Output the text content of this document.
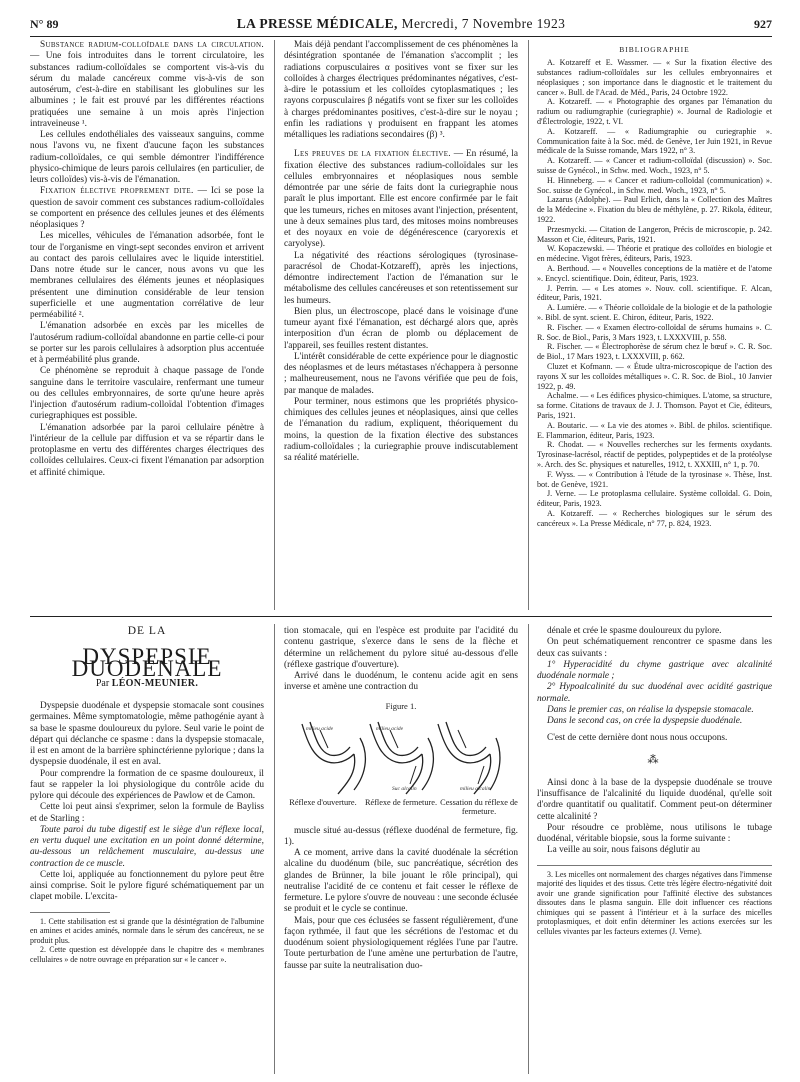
N° 89	LA PRESSE MÉDICALE, Mercredi, 7 Novembre 1923	927

Substance radium-colloïdale dans la circulation. — Une fois introduites dans le torrent circulatoire, les substances radium-colloïdales se comportent vis-à-vis du sérum du malade cancéreux comme vis-à-vis de son autosérum, c'est-à-dire en stabilisant les globulines sur les albumines ; le fait est prouvé par les différentes réactions pratiquées une semaine à un mois après l'injection intraveineuse ¹.

Les cellules endothéliales des vaisseaux sanguins, comme nous l'avons vu, ne fixent d'aucune façon les substances radium-colloïdales, ce qui semble démontrer l'indifférence physico-chimique de leurs parois cellulaires (en particulier, de leurs colloïdes) vis-à-vis de l'émanation.

Fixation élective proprement dite. — Ici se pose la question de savoir comment ces substances radium-colloïdales se comportent en présence des cellules jeunes et des éléments néoplasiques ?

Les micelles, véhicules de l'émanation adsorbée, font le tour de l'organisme en vingt-sept secondes environ et arrivent au contact des parois cellulaires avec le liquide interstitiel. Dans notre étude sur le cancer, nous avons vu que les membranes cellulaires des éléments jeunes et néoplasiques présentent une diminution considérable de leur tension superficielle et une augmentation corrélative de leur perméabilité ².

L'émanation adsorbée en excès par les micelles de l'autosérum radium-colloïdal abandonne en partie celle-ci pour se porter sur les parois cellulaires à adsorption plus accentuée et à perméabilité plus grande.

Ce phénomène se reproduit à chaque passage de l'onde sanguine dans le territoire vasculaire, renfermant une tumeur ou des cellules embryonnaires, de sorte qu'une heure après l'injection d'autosérum radium-colloïdal l'obtention d'images curiegraphiques est possible.

L'émanation adsorbée par la paroi cellulaire pénètre à l'intérieur de la cellule par diffusion et va se répartir dans le protoplasme en vertu des différentes charges électriques des colloïdes cellulaires. Ceux-ci fixent l'émanation par adsorption et affinité chimique.

Mais déjà pendant l'accomplissement de ces phénomènes la désintégration spontanée de l'émanation s'accomplit ; les radiations corpusculaires α positives vont se fixer sur les colloïdes à charges électriques prédominantes négatives, c'est-à-dire le potassium et les colloïdes cytoplasmatiques ; les rayons corpusculaires β négatifs vont se fixer sur les colloïdes à charges prédominantes positives, c'est-à-dire sur le noyau ; enfin les radiations γ produisent en frappant les atomes métalliques les radiations secondaires (β) ³.

Les preuves de la fixation élective. — En résumé, la fixation élective des substances radium-colloïdales sur les cellules embryonnaires et néoplasiques nous semble démontrée par une série de faits dont la curiegraphie nous paraît le plus important. Elle est encore confirmée par le fait que les tumeurs, riches en mitoses avant l'injection, présentent, une à deux semaines plus tard, des mitoses moins nombreuses et des noyaux en voie de dégénérescence (caryorexis et caryolyse).

La négativité des réactions sérologiques (tyrosinase-paracrésol de Chodat-Kotzareff), après les injections, démontre indirectement l'action de l'émanation sur le métabolisme des cellules cancéreuses et son retentissement sur les humeurs.

Bien plus, un électroscope, placé dans le voisinage d'une tumeur ayant fixé l'émanation, est déchargé alors que, après interposition d'un écran de plomb ou déplacement de l'appareil, ses feuilles restent distantes.

L'intérêt considérable de cette expérience pour le diagnostic des néoplasmes et de leurs métastases n'échappera à personne ; malheureusement, nous ne l'avons vérifiée que peu de fois, par manque de malades.

Pour terminer, nous estimons que les propriétés physico-chimiques des cellules jeunes et néoplasiques, ainsi que celles de l'émanation du radium, expliquent, théoriquement du moins, la question de la fixation élective des substances radium-colloïdales ; la curiegraphie prouve indiscutablement sa réalité matérielle.

BIBLIOGRAPHIE

A. Kotzareff et E. Wassmer. — « Sur la fixation élective des substances radium-colloïdales sur les cellules embryonnaires et néoplasiques ; son importance dans le diagnostic et le traitement du cancer ». Bull. de l'Acad. de Méd., Paris, 24 Octobre 1922.

A. Kotzareff. — « Photographie des organes par l'émanation du radium ou radiumgraphie (curiegraphie) ». Journal de Radiologie et d'Électrologie, 1922, t. VI.

A. Kotzareff. — « Radiumgraphie ou curiegraphie ». Communication faite à la Soc. méd. de Genève, 1er Juin 1921, in Revue médicale de la Suisse romande, Mars 1922, n° 3.

A. Kotzareff. — « Cancer et radium-colloïdal (discussion) ». Soc. suisse de Gynécol., in Schw. med. Woch., 1923, n° 5.

H. Hinneberg. — « Cancer et radium-colloïdal (communication) ». Soc. suisse de Gynécol., in Schw. med. Woch., 1923, n° 5.

Lazarus (Adolphe). — Paul Erlich, dans la « Collection des Maîtres de la Médecine ». Fixation du bleu de méthylène, p. 27. Rikola, éditeur, 1922.

Przesmycki. — Citation de Langeron, Précis de microscopie, p. 242. Masson et Cie, éditeurs, Paris, 1921.

W. Kopaczewski. — Théorie et pratique des colloïdes en biologie et en médecine. Vigot frères, éditeurs, Paris, 1923.

A. Berthoud. — « Nouvelles conceptions de la matière et de l'atome ». Encycl. scientifique. Doin, éditeur, Paris, 1923.

J. Perrin. — « Les atomes ». Nouv. coll. scientifique. F. Alcan, éditeur, Paris, 1921.

A. Lumière. — « Théorie colloïdale de la biologie et de la pathologie ». Bibl. de synt. scient. E. Chiron, éditeur, Paris, 1922.

R. Fischer. — « Examen électro-colloïdal de sérums humains ». C. R. Soc. de Biol., Paris, 3 Mars 1923, t. LXXXVIII, p. 558.

R. Fischer. — « Électrophorèse de sérum chez le bœuf ». C. R. Soc. de Biol., 17 Mars 1923, t. LXXXVIII, p. 662.

Cluzet et Kofmann. — « Étude ultra-microscopique de l'action des rayons X sur les colloïdes métalliques ». C. R. Soc. de Biol., 10 Janvier 1922, p. 49.

Achalme. — « Les édifices physico-chimiques. L'atome, sa structure, sa forme. Citations de travaux de J. J. Thomson. Payot et Cie, éditeurs, Paris, 1921.

A. Boutaric. — « La vie des atomes ». Bibl. de philos. scientifique. E. Flammarion, éditeur, Paris, 1923.

R. Chodat. — « Nouvelles recherches sur les ferments oxydants. Tyrosinase-lacrésol, réactif de peptides, polypeptides et de la protéolyse ». Arch. des Sc. physiques et naturelles, 1912, t. XXXIII, n° 1, p. 70.

F. Wyss. — « Contribution à l'étude de la tyrosinase ». Thèse, Inst. bot. de Genève, 1921.

J. Verne. — Le protoplasma cellulaire. Système colloïdal. G. Doin, éditeur, Paris, 1923.

A. Kotzareff. — « Recherches biologiques sur le sérum des cancéreux ». La Presse Médicale, n° 77, p. 824, 1923.

DE LA
DYSPEPSIE DUODÉNALE
Par LÉON-MEUNIER.

Dyspepsie duodénale et dyspepsie stomacale sont cousines germaines. Même symptomatologie, même pathogénie ayant à sa base le spasme douloureux du pylore. Seul varie le point de départ qui déclanche ce spasme : dans la dyspepsie stomacale, il est en amont de la barrière sphinctérienne pylorique ; dans la dyspepsie duodénale, il est en aval.

Pour comprendre la formation de ce spasme douloureux, il faut se rappeler la loi physiologique du contrôle acide du pylore qui découle des expériences de Pawlow et de Camon.

Cette loi peut ainsi s'exprimer, selon la formule de Bayliss et de Starling :

Toute paroi du tube digestif est le siège d'un réflexe local, en vertu duquel une excitation en un point donné détermine, au-dessous un relâchement musculaire, au-dessus une contraction de ce muscle.

Cette loi, appliquée au fonctionnement du pylore peut être ainsi comprise. Soit le pylore figuré schématiquement par un clapet mobile. L'excita-

1. Cette stabilisation est si grande que la désintégration de l'albumine en amines et acides aminés, normale dans le sérum des cancéreux, ne se produit plus.

2. Cette question est développée dans le chapitre des « membranes cellulaires » de notre ouvrage en préparation sur « le cancer ».

tion stomacale, qui en l'espèce est produite par l'acidité du contenu gastrique, s'exerce dans le sens de la flèche et détermine un relâchement du pylore situé au-dessous d'elle (réflexe gastrique d'ouverture).

Arrivé dans le duodénum, le contenu acide agit en sens inverse et amène une contraction du

Figure 1.
milieu acide	milieu acide
Suc alcalin	milieu alcalin
Réflexe d'ouverture. Réflexe de fermeture. Cessation du réflexe de fermeture.

muscle situé au-dessus (réflexe duodénal de fermeture, fig. 1).

A ce moment, arrive dans la cavité duodénale la sécrétion alcaline du duodénum (bile, suc pancréatique, sécrétion des glandes de Brünner, la bile jouant le rôle principal), qui neutralise l'acidité de ce contenu et fait cesser le réflexe de fermeture. Le pylore s'ouvre de nouveau : une seconde éclusée se produit et le cycle se continue.

Mais, pour que ces éclusées se fassent régulièrement, d'une façon rythmée, il faut que les sécrétions de l'estomac et du duodénum soient physiologiquement réglées l'une par l'autre. Toute perturbation de l'une amène une perturbation de l'autre, fausse par suite la neutralisation duo-

dénale et crée le spasme douloureux du pylore.

On peut schématiquement rencontrer ce spasme dans les deux cas suivants :

1° Hyperacidité du chyme gastrique avec alcalinité duodénale normale ;

2° Hypoalcalinité du suc duodénal avec acidité gastrique normale.

Dans le premier cas, on réalise la dyspepsie stomacale.

Dans le second cas, on crée la dyspepsie duodénale.

C'est de cette dernière dont nous nous occupons.

⁂

Ainsi donc à la base de la dyspepsie duodénale se trouve l'insuffisance de l'alcalinité du liquide duodénal, qu'elle soit d'ordre quantitatif ou qualitatif. Comment peut-on déterminer cette alcalinité ?

Pour résoudre ce problème, nous utilisons le tubage duodénal, véritable biopsie, sous la forme suivante :

La veille au soir, nous faisons déglutir au

3. Les micelles ont normalement des charges négatives dans l'immense majorité des liquides et des tissus. Cette très légère électro-négativité doit avoir une grande signification pour l'affinité élective des substances dissoutes dans le plasma sanguin. Elle doit influencer ces réactions chimiques qui se passent à l'intérieur et à la surface des micelles protoplasmiques, et doit enfin déterminer les actions exercées sur les cellules vivantes par les facteurs externes (J. Verne).
